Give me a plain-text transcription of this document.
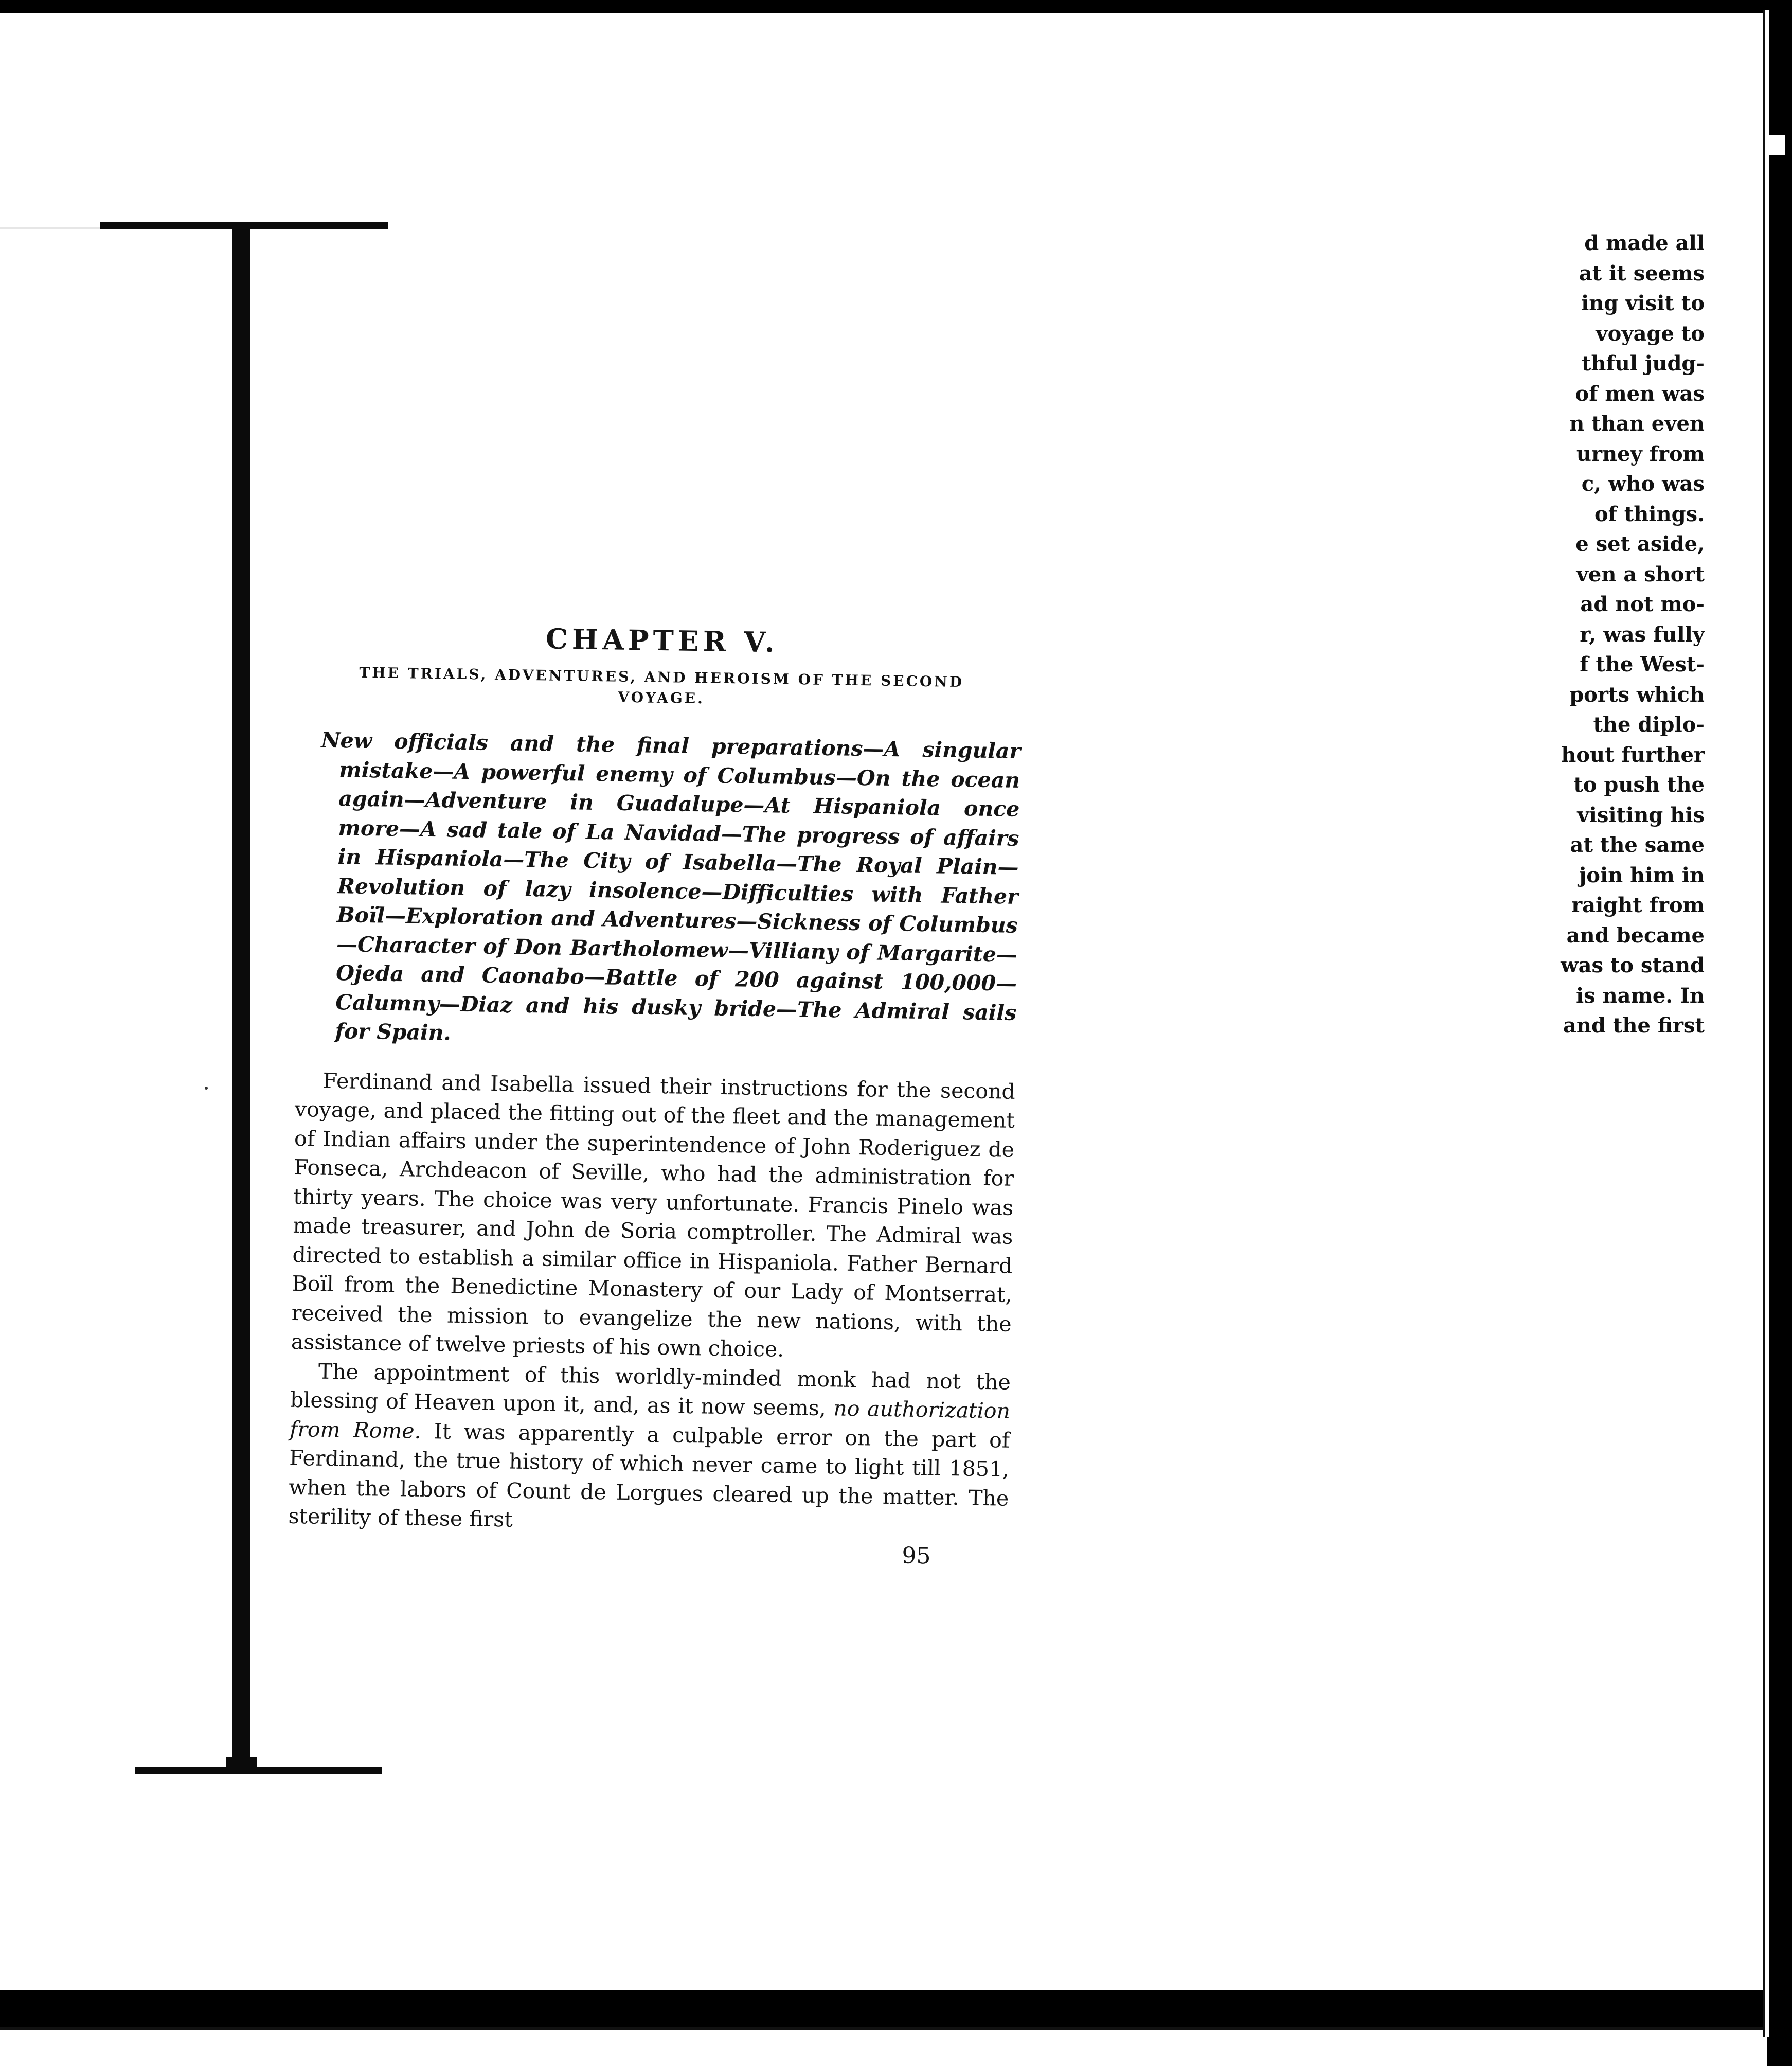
d made all
at it seems
ing visit to
voyage to
thful judg-
of men was
n than even
urney from
c, who was
of things.
e set aside,
ven a short
ad not mo-
r, was fully
f the West-
ports which
the diplo-
hout further
to push the
visiting his
at the same
join him in
raight from
and became
was to stand
is name. In
and the first
CHAPTER V.
THE TRIALS, ADVENTURES, AND HEROISM OF THE SECOND VOYAGE.

New officials and the final preparations—A singular mistake—A powerful enemy of Columbus—On the ocean again—Adventure in Guadalupe—At Hispaniola once more—A sad tale of La Navidad—The progress of affairs in Hispaniola—The City of Isabella—The Royal Plain—Revolution of lazy insolence—Difficulties with Father Boïl—Exploration and Adventures—Sickness of Columbus—Character of Don Bartholomew—Villiany of Margarite—Ojeda and Caonabo—Battle of 200 against 100,000—Calumny—Diaz and his dusky bride—The Admiral sails for Spain.

Ferdinand and Isabella issued their instructions for the second voyage, and placed the fitting out of the fleet and the management of Indian affairs under the superintendence of John Roderiguez de Fonseca, Archdeacon of Seville, who had the administration for thirty years. The choice was very unfortunate. Francis Pinelo was made treasurer, and John de Soria comptroller. The Admiral was directed to establish a similar office in Hispaniola. Father Bernard Boïl from the Benedictine Monastery of our Lady of Montserrat, received the mission to evangelize the new nations, with the assistance of twelve priests of his own choice.

The appointment of this worldly-minded monk had not the blessing of Heaven upon it, and, as it now seems, no authorization from Rome. It was apparently a culpable error on the part of Ferdinand, the true history of which never came to light till 1851, when the labors of Count de Lorgues cleared up the matter. The sterility of these first

95
